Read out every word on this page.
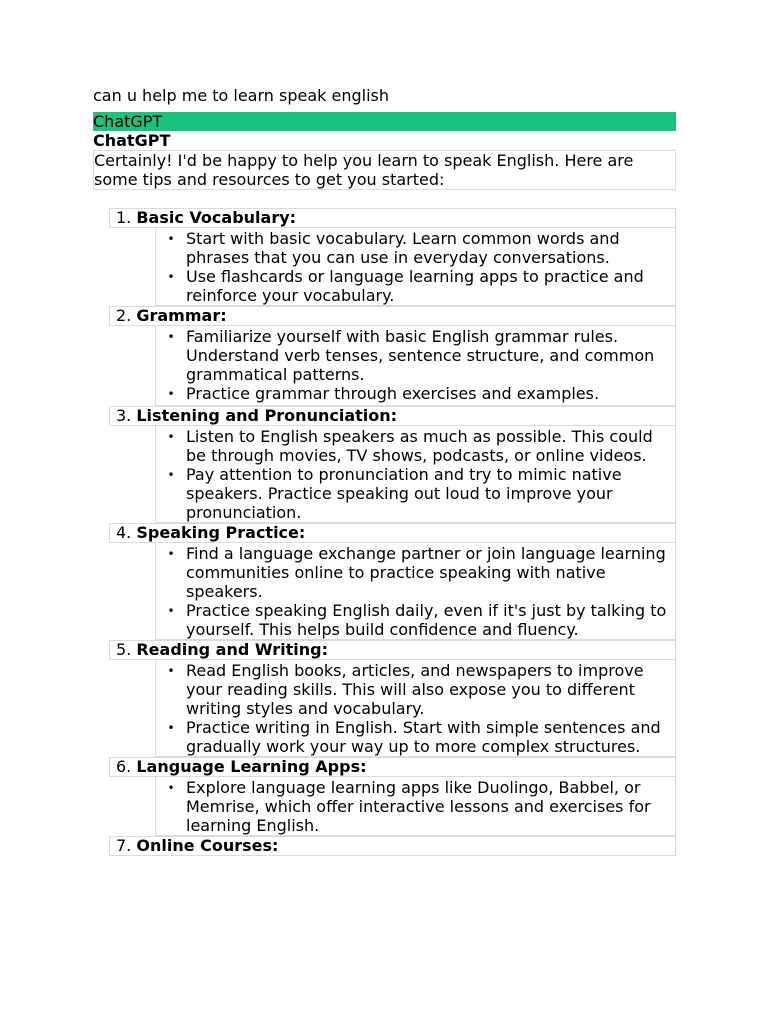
can u help me to learn speak english
ChatGPT
ChatGPT

Certainly! I'd be happy to help you learn to speak English. Here are some tips and resources to get you started:

1. Basic Vocabulary:
• Start with basic vocabulary. Learn common words and phrases that you can use in everyday conversations.
• Use flashcards or language learning apps to practice and reinforce your vocabulary.
2. Grammar:
• Familiarize yourself with basic English grammar rules. Understand verb tenses, sentence structure, and common grammatical patterns.
• Practice grammar through exercises and examples.
3. Listening and Pronunciation:
• Listen to English speakers as much as possible. This could be through movies, TV shows, podcasts, or online videos.
• Pay attention to pronunciation and try to mimic native speakers. Practice speaking out loud to improve your pronunciation.
4. Speaking Practice:
• Find a language exchange partner or join language learning communities online to practice speaking with native speakers.
• Practice speaking English daily, even if it's just by talking to yourself. This helps build confidence and fluency.
5. Reading and Writing:
• Read English books, articles, and newspapers to improve your reading skills. This will also expose you to different writing styles and vocabulary.
• Practice writing in English. Start with simple sentences and gradually work your way up to more complex structures.
6. Language Learning Apps:
• Explore language learning apps like Duolingo, Babbel, or Memrise, which offer interactive lessons and exercises for learning English.
7. Online Courses:
